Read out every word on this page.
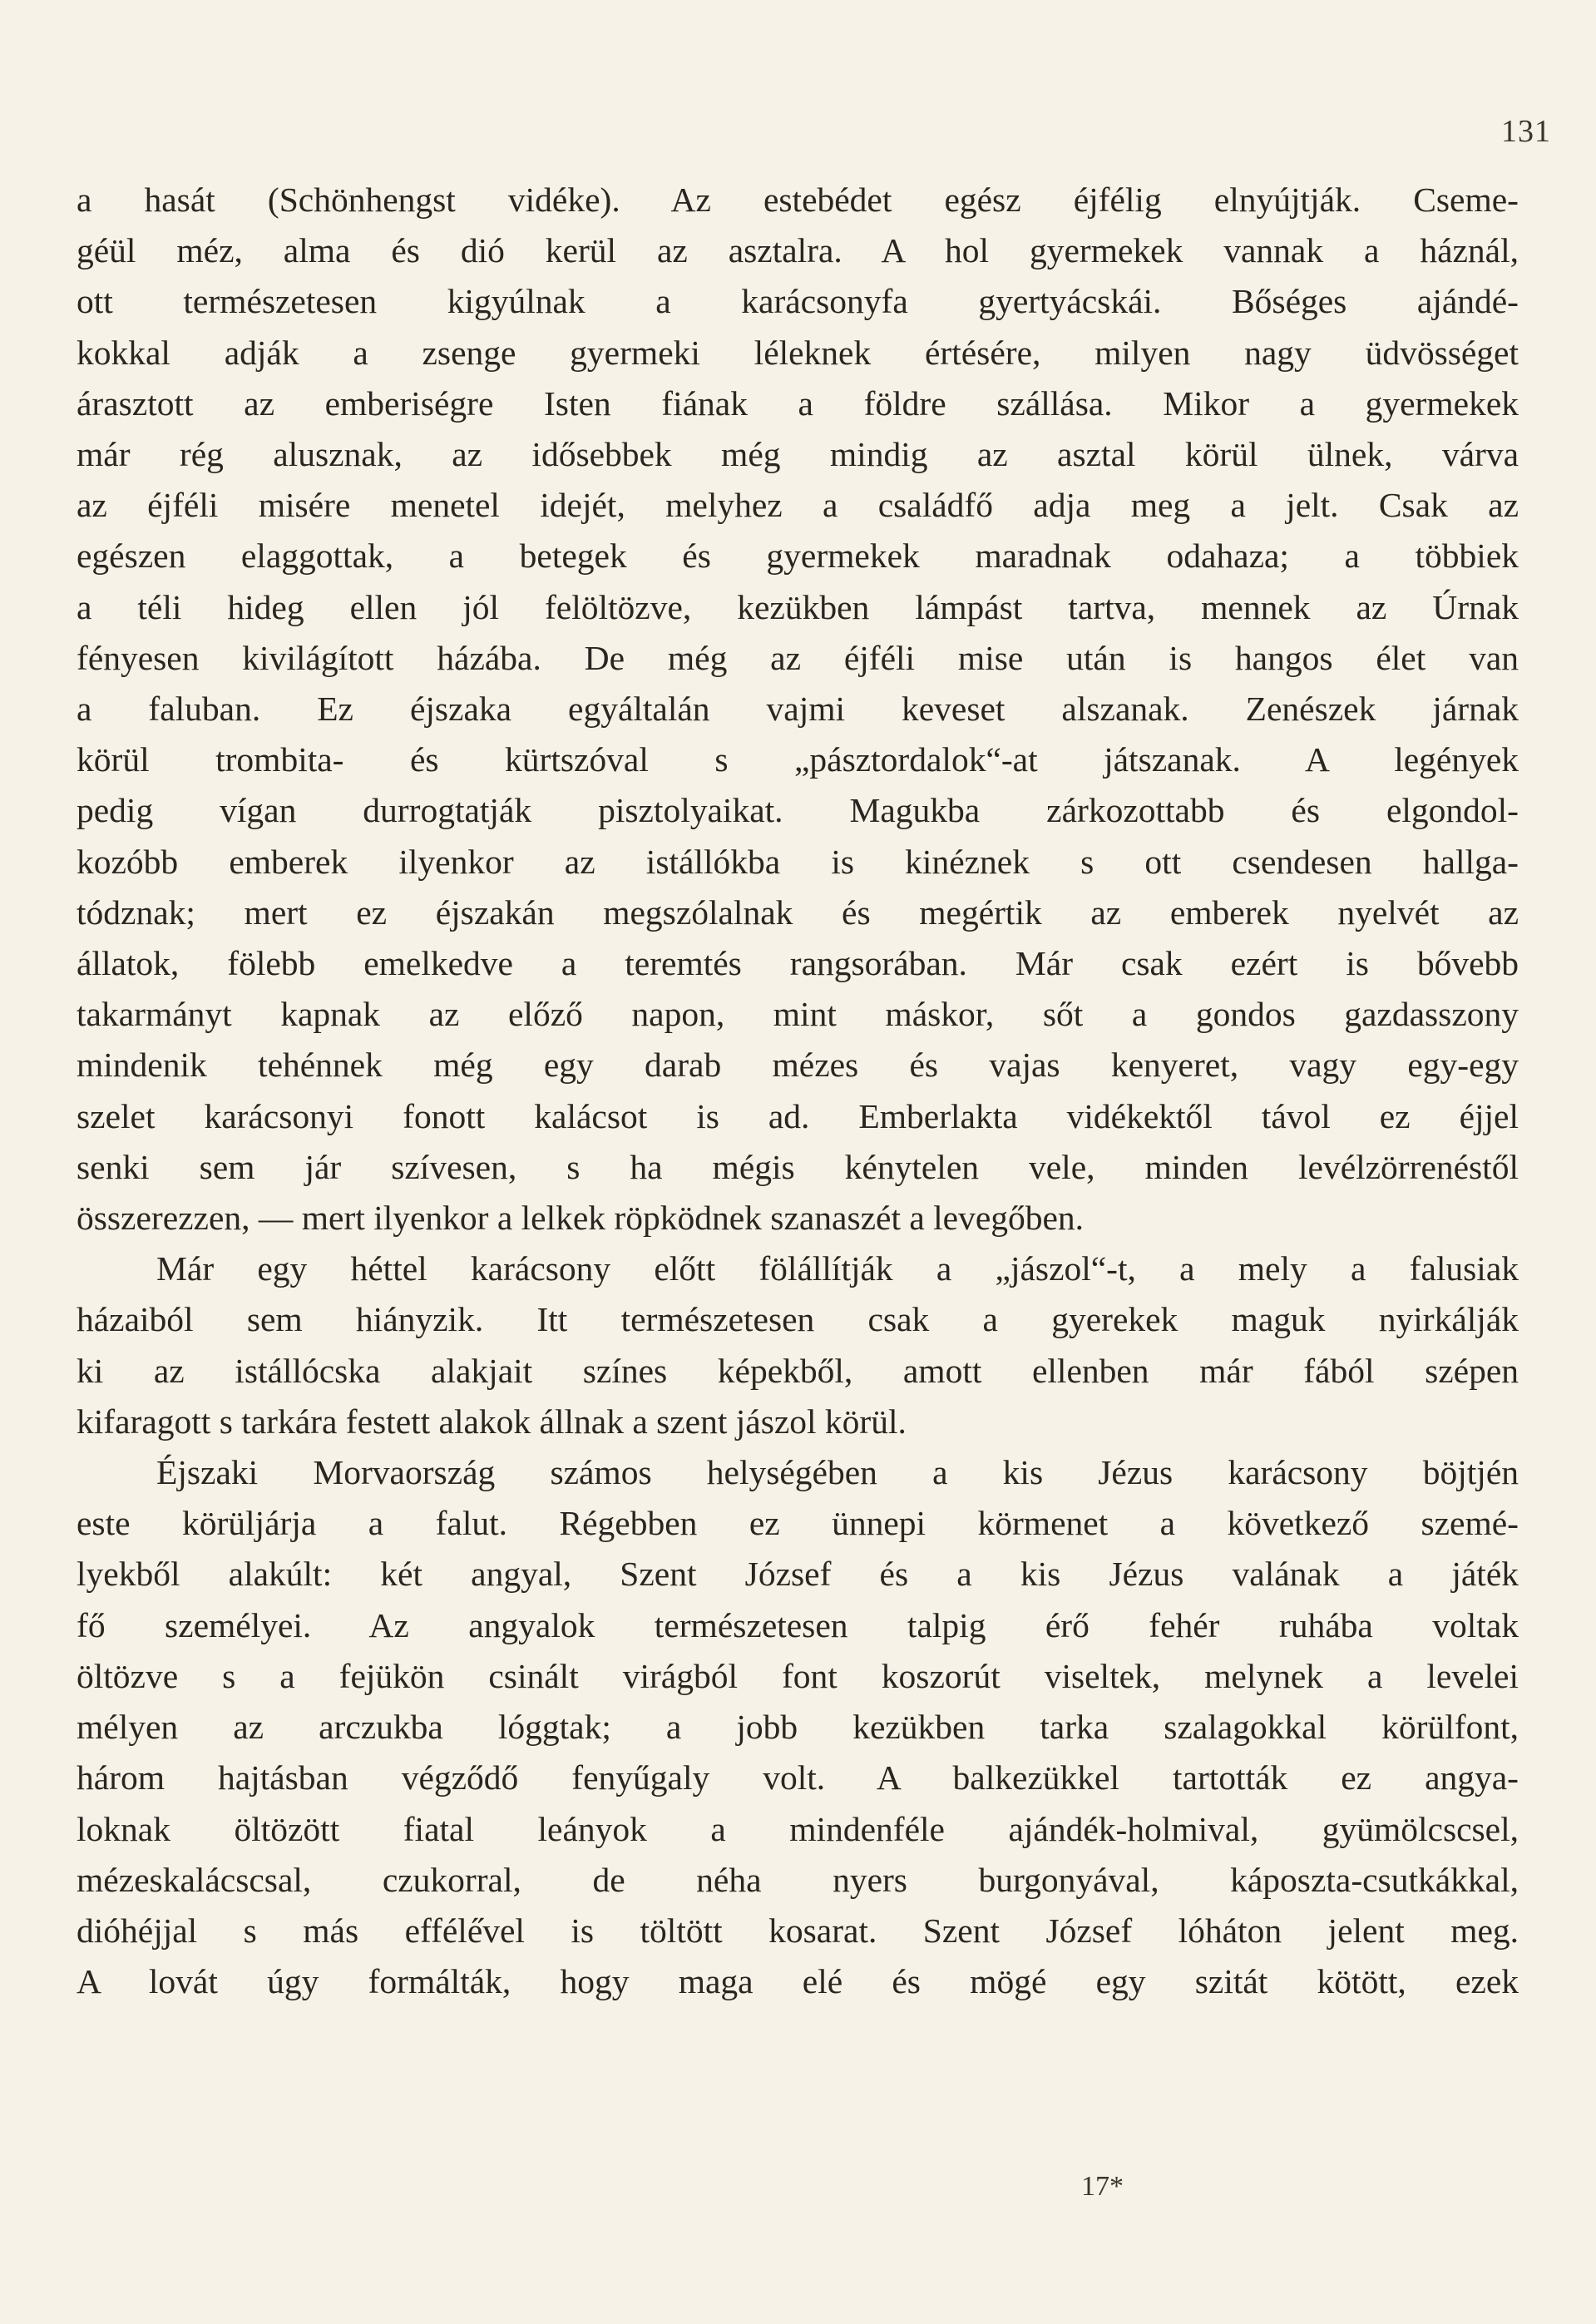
131

a hasát (Schönhengst vidéke). Az estebédet egész éjfélig elnyújtják. Cseme-

géül méz, alma és dió kerül az asztalra. A hol gyermekek vannak a háznál,

ott természetesen kigyúlnak a karácsonyfa gyertyácskái. Bőséges ajándé-

kokkal adják a zsenge gyermeki léleknek értésére, milyen nagy üdvösséget

árasztott az emberiségre Isten fiának a földre szállása. Mikor a gyermekek

már rég alusznak, az idősebbek még mindig az asztal körül ülnek, várva

az éjféli misére menetel idejét, melyhez a családfő adja meg a jelt. Csak az

egészen elaggottak, a betegek és gyermekek maradnak odahaza; a többiek

a téli hideg ellen jól felöltözve, kezükben lámpást tartva, mennek az Úrnak

fényesen kivilágított házába. De még az éjféli mise után is hangos élet van

a faluban. Ez éjszaka egyáltalán vajmi keveset alszanak. Zenészek járnak

körül trombita- és kürtszóval s „pásztordalok“-at játszanak. A legények

pedig vígan durrogtatják pisztolyaikat. Magukba zárkozottabb és elgondol-

kozóbb emberek ilyenkor az istállókba is kinéznek s ott csendesen hallga-

tódznak; mert ez éjszakán megszólalnak és megértik az emberek nyelvét az

állatok, fölebb emelkedve a teremtés rangsorában. Már csak ezért is bővebb

takarmányt kapnak az előző napon, mint máskor, sőt a gondos gazdasszony

mindenik tehénnek még egy darab mézes és vajas kenyeret, vagy egy-egy

szelet karácsonyi fonott kalácsot is ad. Emberlakta vidékektől távol ez éjjel

senki sem jár szívesen, s ha mégis kénytelen vele, minden levélzörrenéstől

összerezzen, — mert ilyenkor a lelkek röpködnek szanaszét a levegőben.

Már egy héttel karácsony előtt fölállítják a „jászol“-t, a mely a falusiak

házaiból sem hiányzik. Itt természetesen csak a gyerekek maguk nyirkálják

ki az istállócska alakjait színes képekből, amott ellenben már fából szépen

kifaragott s tarkára festett alakok állnak a szent jászol körül.

Éjszaki Morvaország számos helységében a kis Jézus karácsony böjtjén

este körüljárja a falut. Régebben ez ünnepi körmenet a következő szemé-

lyekből alakúlt: két angyal, Szent József és a kis Jézus valának a játék

fő személyei. Az angyalok természetesen talpig érő fehér ruhába voltak

öltözve s a fejükön csinált virágból font koszorút viseltek, melynek a levelei

mélyen az arczukba lóggtak; a jobb kezükben tarka szalagokkal körülfont,

három hajtásban végződő fenyűgaly volt. A balkezükkel tartották ez angya-

loknak öltözött fiatal leányok a mindenféle ajándék-holmival, gyümölcscsel,

mézeskalácscsal, czukorral, de néha nyers burgonyával, káposzta-csutkákkal,

dióhéjjal s más efféle̋vel is töltött kosarat. Szent József lóháton jelent meg.

A lovát úgy formálták, hogy maga elé és mögé egy szitát kötött, ezek

17*
